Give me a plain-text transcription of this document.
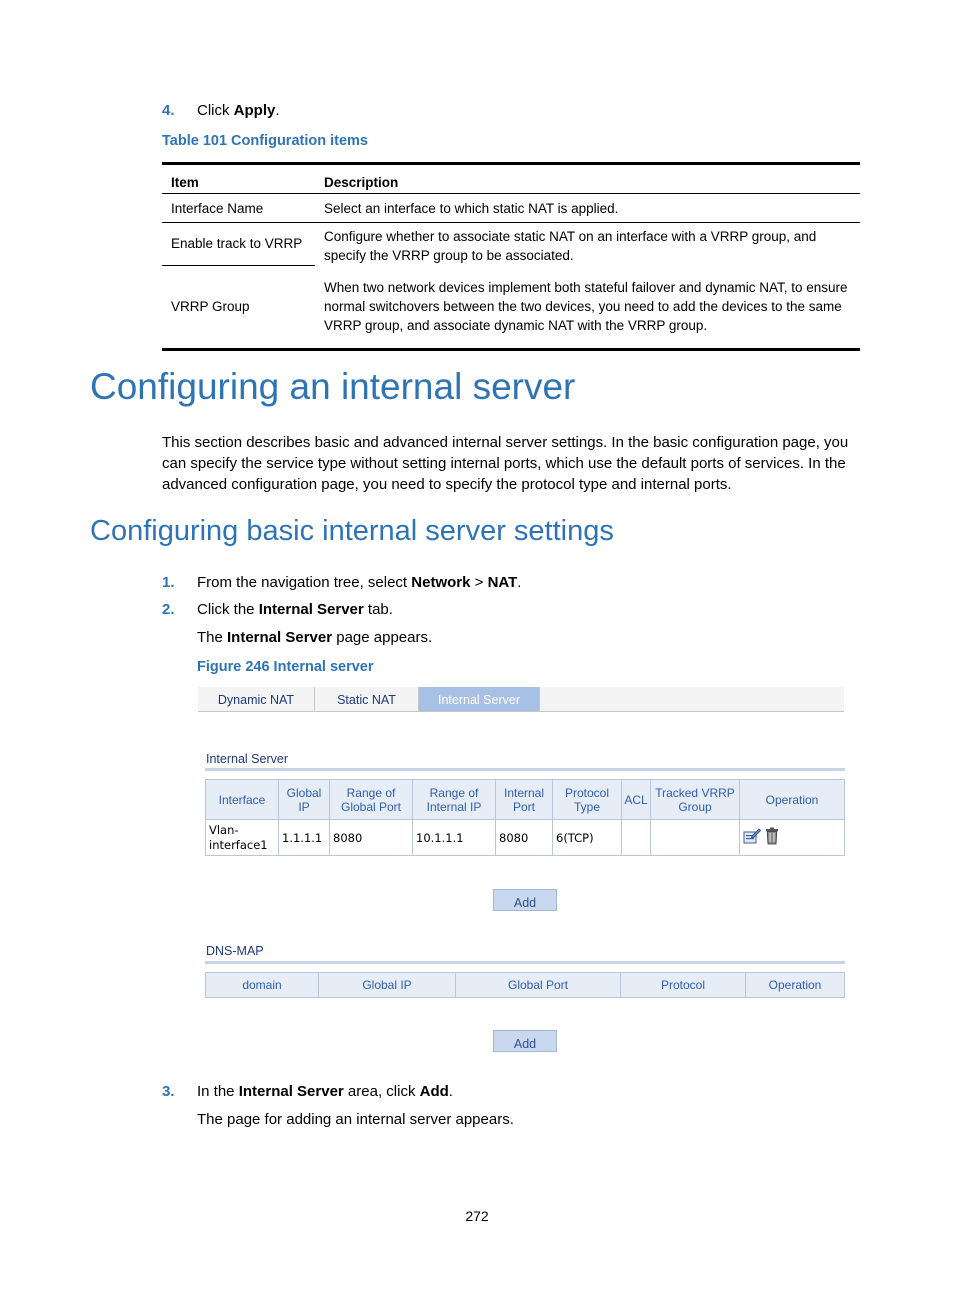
4. Click Apply.
Table 101 Configuration items
Item	Description
Interface Name	Select an interface to which static NAT is applied.
Enable track to VRRP	Configure whether to associate static NAT on an interface with a VRRP group, and specify the VRRP group to be associated.
VRRP Group	When two network devices implement both stateful failover and dynamic NAT, to ensure normal switchovers between the two devices, you need to add the devices to the same VRRP group, and associate dynamic NAT with the VRRP group.
Configuring an internal server
This section describes basic and advanced internal server settings. In the basic configuration page, you can specify the service type without setting internal ports, which use the default ports of services. In the advanced configuration page, you need to specify the protocol type and internal ports.
Configuring basic internal server settings
1. From the navigation tree, select Network > NAT.
2. Click the Internal Server tab.
The Internal Server page appears.
Figure 246 Internal server
Dynamic NAT	Static NAT	Internal Server
Internal Server
Interface	Global IP	Range of Global Port	Range of Internal IP	Internal Port	Protocol Type	ACL	Tracked VRRP Group	Operation
Vlan-interface1	1.1.1.1	8080	10.1.1.1	8080	6(TCP)			
Add
DNS-MAP
domain	Global IP	Global Port	Protocol	Operation
Add
3. In the Internal Server area, click Add.
The page for adding an internal server appears.
272
